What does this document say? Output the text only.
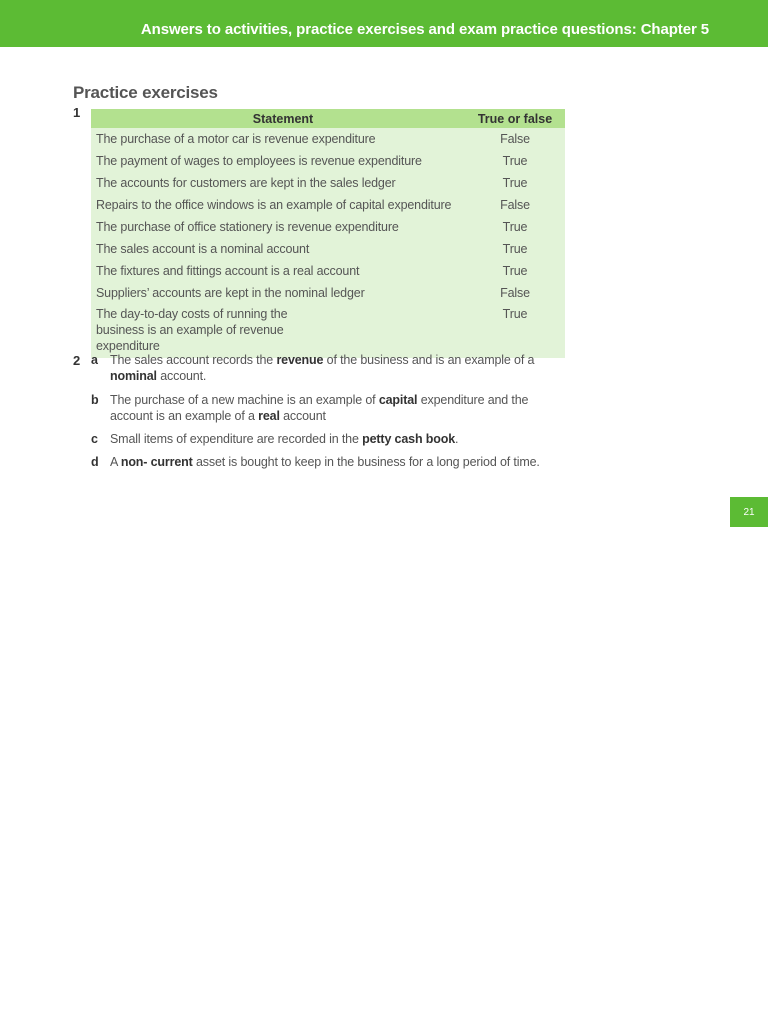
Answers to activities, practice exercises and exam practice questions: Chapter 5
Practice exercises
1	Statement	True or false
The purchase of a motor car is revenue expenditure	False
The payment of wages to employees is revenue expenditure	True
The accounts for customers are kept in the sales ledger	True
Repairs to the office windows is an example of capital expenditure	False
The purchase of office stationery is revenue expenditure	True
The sales account is a nominal account	True
The fixtures and fittings account is a real account	True
Suppliers’ accounts are kept in the nominal ledger	False
The day-to-day costs of running the business is an example of revenue expenditure	True
2 a The sales account records the revenue of the business and is an example of a nominal account.
b The purchase of a new machine is an example of capital expenditure and the account is an example of a real account
c Small items of expenditure are recorded in the petty cash book.
d A non- current asset is bought to keep in the business for a long period of time.
21
